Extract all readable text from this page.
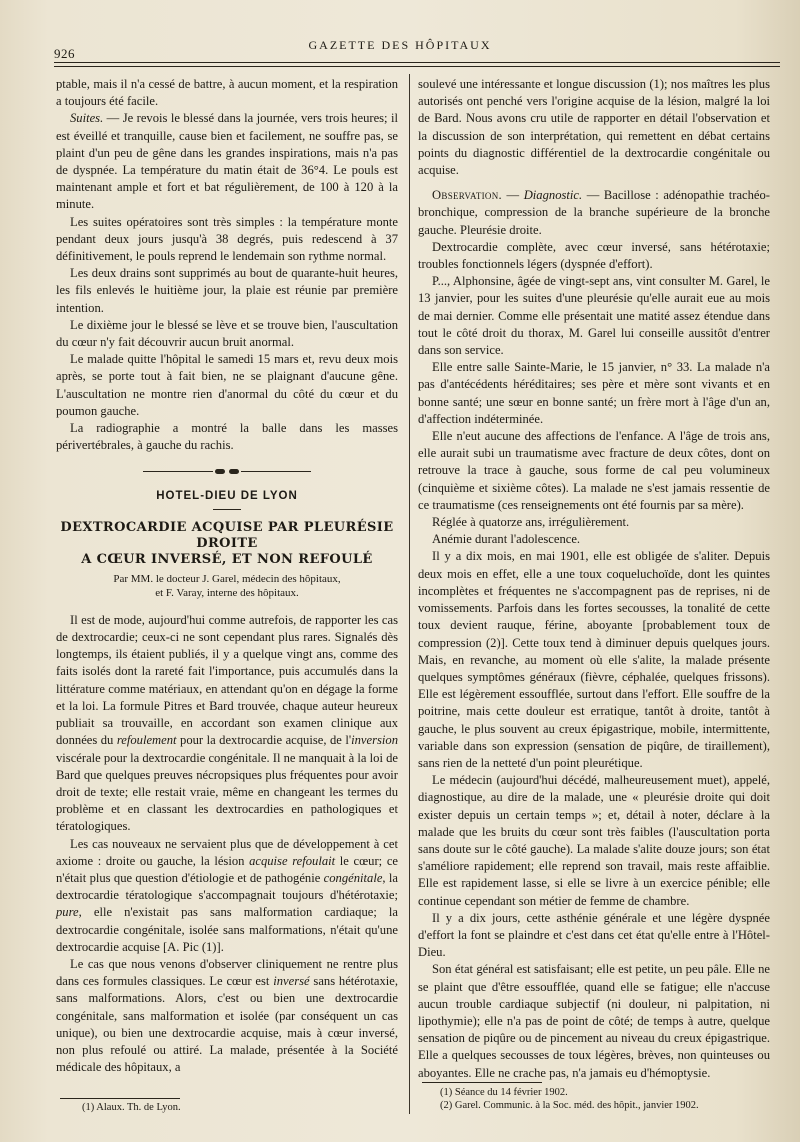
926
GAZETTE DES HÔPITAUX

ptable, mais il n'a cessé de battre, à aucun moment, et la respiration a toujours été facile.

Suites. — Je revois le blessé dans la journée, vers trois heures; il est éveillé et tranquille, cause bien et facilement, ne souffre pas, se plaint d'un peu de gêne dans les grandes inspirations, mais n'a pas de dyspnée. La température du matin était de 36°4. Le pouls est maintenant ample et fort et bat régulièrement, de 100 à 120 à la minute.

Les suites opératoires sont très simples : la température monte pendant deux jours jusqu'à 38 degrés, puis redescend à 37 définitivement, le pouls reprend le lendemain son rythme normal.

Les deux drains sont supprimés au bout de quarante-huit heures, les fils enlevés le huitième jour, la plaie est réunie par première intention.

Le dixième jour le blessé se lève et se trouve bien, l'auscultation du cœur n'y fait découvrir aucun bruit anormal.

Le malade quitte l'hôpital le samedi 15 mars et, revu deux mois après, se porte tout à fait bien, ne se plaignant d'aucune gêne. L'auscultation ne montre rien d'anormal du côté du cœur et du poumon gauche.

La radiographie a montré la balle dans les masses périvertébrales, à gauche du rachis.

HOTEL-DIEU DE LYON
DEXTROCARDIE ACQUISE PAR PLEURÉSIE DROITE
A CŒUR INVERSÉ, ET NON REFOULÉ
Par MM. le docteur J. Garel, médecin des hôpitaux,
et F. Varay, interne des hôpitaux.

Il est de mode, aujourd'hui comme autrefois, de rapporter les cas de dextrocardie; ceux-ci ne sont cependant plus rares. Signalés dès longtemps, ils étaient publiés, il y a quelque vingt ans, comme des faits isolés dont la rareté fait l'importance, puis accumulés dans la littérature comme matériaux, en attendant qu'on en dégage la forme et la loi. La formule Pitres et Bard trouvée, chaque auteur heureux publiait sa trouvaille, en accordant son examen clinique aux données du refoulement pour la dextrocardie acquise, de l'inversion viscérale pour la dextrocardie congénitale. Il ne manquait à la loi de Bard que quelques preuves nécropsiques plus fréquentes pour avoir droit de texte; elle restait vraie, même en changeant les termes du problème et en classant les dextrocardies en pathologiques et tératologiques.

Les cas nouveaux ne servaient plus que de développement à cet axiome : droite ou gauche, la lésion acquise refoulait le cœur; ce n'était plus que question d'étiologie et de pathogénie congénitale, la dextrocardie tératologique s'accompagnait toujours d'hétérotaxie; pure, elle n'existait pas sans malformation cardiaque; la dextrocardie congénitale, isolée sans malformations, n'était qu'une dextrocardie acquise [A. Pic (1)].

Le cas que nous venons d'observer cliniquement ne rentre plus dans ces formules classiques. Le cœur est inversé sans hétérotaxie, sans malformations. Alors, c'est ou bien une dextrocardie congénitale, sans malformation et isolée (par conséquent un cas unique), ou bien une dextrocardie acquise, mais à cœur inversé, non plus refoulé ou attiré. La malade, présentée à la Société médicale des hôpitaux, a

soulevé une intéressante et longue discussion (1); nos maîtres les plus autorisés ont penché vers l'origine acquise de la lésion, malgré la loi de Bard. Nous avons cru utile de rapporter en détail l'observation et la discussion de son interprétation, qui remettent en débat certains points du diagnostic différentiel de la dextrocardie congénitale ou acquise.

Observation. — Diagnostic. — Bacillose : adénopathie trachéo-bronchique, compression de la branche supérieure de la bronche gauche. Pleurésie droite.

Dextrocardie complète, avec cœur inversé, sans hétérotaxie; troubles fonctionnels légers (dyspnée d'effort).

P..., Alphonsine, âgée de vingt-sept ans, vint consulter M. Garel, le 13 janvier, pour les suites d'une pleurésie qu'elle aurait eue au mois de mai dernier. Comme elle présentait une matité assez étendue dans tout le côté droit du thorax, M. Garel lui conseille aussitôt d'entrer dans son service.

Elle entre salle Sainte-Marie, le 15 janvier, n° 33. La malade n'a pas d'antécédents héréditaires; ses père et mère sont vivants et en bonne santé; une sœur en bonne santé; un frère mort à l'âge d'un an, d'affection indéterminée.

Elle n'eut aucune des affections de l'enfance. A l'âge de trois ans, elle aurait subi un traumatisme avec fracture de deux côtes, dont on retrouve la trace à gauche, sous forme de cal peu volumineux (cinquième et sixième côtes). La malade ne s'est jamais ressentie de ce traumatisme (ces renseignements ont été fournis par sa mère).

Réglée à quatorze ans, irrégulièrement.

Anémie durant l'adolescence.

Il y a dix mois, en mai 1901, elle est obligée de s'aliter. Depuis deux mois en effet, elle a une toux coqueluchoïde, dont les quintes incomplètes et fréquentes ne s'accompagnent pas de reprises, ni de vomissements. Parfois dans les fortes secousses, la tonalité de cette toux devient rauque, férine, aboyante [probablement toux de compression (2)]. Cette toux tend à diminuer depuis quelques jours. Mais, en revanche, au moment où elle s'alite, la malade présente quelques symptômes généraux (fièvre, céphalée, quelques frissons). Elle est légèrement essoufflée, surtout dans l'effort. Elle souffre de la poitrine, mais cette douleur est erratique, tantôt à droite, tantôt à gauche, le plus souvent au creux épigastrique, mobile, intermittente, variable dans son expression (sensation de piqûre, de tiraillement), sans rien de la netteté d'un point pleurétique.

Le médecin (aujourd'hui décédé, malheureusement muet), appelé, diagnostique, au dire de la malade, une « pleurésie droite qui doit exister depuis un certain temps »; et, détail à noter, déclare à la malade que les bruits du cœur sont très faibles (l'auscultation porta sans doute sur le côté gauche). La malade s'alite douze jours; son état s'améliore rapidement; elle reprend son travail, mais reste affaiblie. Elle est rapidement lasse, si elle se livre à un exercice pénible; elle continue cependant son métier de femme de chambre.

Il y a dix jours, cette asthénie générale et une légère dyspnée d'effort la font se plaindre et c'est dans cet état qu'elle entre à l'Hôtel-Dieu.

Son état général est satisfaisant; elle est petite, un peu pâle. Elle ne se plaint que d'être essoufflée, quand elle se fatigue; elle n'accuse aucun trouble cardiaque subjectif (ni douleur, ni palpitation, ni lipothymie); elle n'a pas de point de côté; de temps à autre, quelque sensation de piqûre ou de pincement au niveau du creux épigastrique. Elle a quelques secousses de toux légères, brèves, non quinteuses ou aboyantes. Elle ne crache pas, n'a jamais eu d'hémoptysie.

(1) Alaux. Th. de Lyon.
(1) Séance du 14 février 1902.
(2) Garel. Communic. à la Soc. méd. des hôpit., janvier 1902.
